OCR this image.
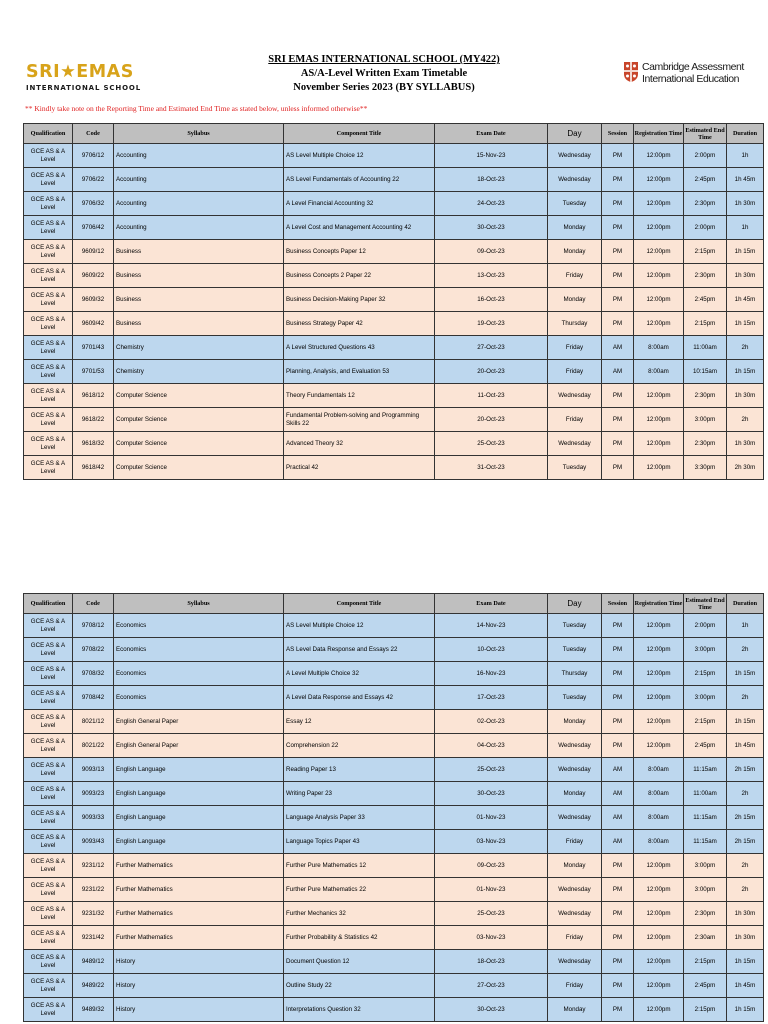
SRI★EMAS
INTERNATIONAL SCHOOL
SRI EMAS INTERNATIONAL SCHOOL (MY422)
AS/A-Level Written Exam Timetable
November Series 2023 (BY SYLLABUS)
Cambridge Assessment
International Education
** Kindly take note on the Reporting Time and Estimated End Time as stated below, unless informed otherwise**
Qualification	Code	Syllabus	Component Title	Exam Date	Day	Session	Registration Time	Estimated End Time	Duration
GCE AS & A Level	9706/12	Accounting	AS Level Multiple Choice 12	15-Nov-23	Wednesday	PM	12:00pm	2:00pm	1h
GCE AS & A Level	9706/22	Accounting	AS Level Fundamentals of Accounting 22	18-Oct-23	Wednesday	PM	12:00pm	2:45pm	1h 45m
GCE AS & A Level	9706/32	Accounting	A Level Financial Accounting 32	24-Oct-23	Tuesday	PM	12:00pm	2:30pm	1h 30m
GCE AS & A Level	9706/42	Accounting	A Level Cost and Management Accounting 42	30-Oct-23	Monday	PM	12:00pm	2:00pm	1h
GCE AS & A Level	9609/12	Business	Business Concepts Paper 12	09-Oct-23	Monday	PM	12:00pm	2:15pm	1h 15m
GCE AS & A Level	9609/22	Business	Business Concepts 2 Paper 22	13-Oct-23	Friday	PM	12:00pm	2:30pm	1h 30m
GCE AS & A Level	9609/32	Business	Business Decision-Making Paper 32	16-Oct-23	Monday	PM	12:00pm	2:45pm	1h 45m
GCE AS & A Level	9609/42	Business	Business Strategy Paper 42	19-Oct-23	Thursday	PM	12:00pm	2:15pm	1h 15m
GCE AS & A Level	9701/43	Chemistry	A Level Structured Questions 43	27-Oct-23	Friday	AM	8:00am	11:00am	2h
GCE AS & A Level	9701/53	Chemistry	Planning, Analysis, and Evaluation 53	20-Oct-23	Friday	AM	8:00am	10:15am	1h 15m
GCE AS & A Level	9618/12	Computer Science	Theory Fundamentals 12	11-Oct-23	Wednesday	PM	12:00pm	2:30pm	1h 30m
GCE AS & A Level	9618/22	Computer Science	Fundamental Problem-solving and Programming Skills 22	20-Oct-23	Friday	PM	12:00pm	3:00pm	2h
GCE AS & A Level	9618/32	Computer Science	Advanced Theory 32	25-Oct-23	Wednesday	PM	12:00pm	2:30pm	1h 30m
GCE AS & A Level	9618/42	Computer Science	Practical 42	31-Oct-23	Tuesday	PM	12:00pm	3:30pm	2h 30m
Qualification	Code	Syllabus	Component Title	Exam Date	Day	Session	Registration Time	Estimated End Time	Duration
GCE AS & A Level	9708/12	Economics	AS Level Multiple Choice 12	14-Nov-23	Tuesday	PM	12:00pm	2:00pm	1h
GCE AS & A Level	9708/22	Economics	AS Level Data Response and Essays 22	10-Oct-23	Tuesday	PM	12:00pm	3:00pm	2h
GCE AS & A Level	9708/32	Economics	A Level Multiple Choice 32	16-Nov-23	Thursday	PM	12:00pm	2:15pm	1h 15m
GCE AS & A Level	9708/42	Economics	A Level Data Response and Essays 42	17-Oct-23	Tuesday	PM	12:00pm	3:00pm	2h
GCE AS & A Level	8021/12	English General Paper	Essay 12	02-Oct-23	Monday	PM	12:00pm	2:15pm	1h 15m
GCE AS & A Level	8021/22	English General Paper	Comprehension 22	04-Oct-23	Wednesday	PM	12:00pm	2:45pm	1h 45m
GCE AS & A Level	9093/13	English Language	Reading Paper 13	25-Oct-23	Wednesday	AM	8:00am	11:15am	2h 15m
GCE AS & A Level	9093/23	English Language	Writing Paper 23	30-Oct-23	Monday	AM	8:00am	11:00am	2h
GCE AS & A Level	9093/33	English Language	Language Analysis Paper 33	01-Nov-23	Wednesday	AM	8:00am	11:15am	2h 15m
GCE AS & A Level	9093/43	English Language	Language Topics Paper 43	03-Nov-23	Friday	AM	8:00am	11:15am	2h 15m
GCE AS & A Level	9231/12	Further Mathematics	Further Pure Mathematics 12	09-Oct-23	Monday	PM	12:00pm	3:00pm	2h
GCE AS & A Level	9231/22	Further Mathematics	Further Pure Mathematics 22	01-Nov-23	Wednesday	PM	12:00pm	3:00pm	2h
GCE AS & A Level	9231/32	Further Mathematics	Further Mechanics 32	25-Oct-23	Wednesday	PM	12:00pm	2:30pm	1h 30m
GCE AS & A Level	9231/42	Further Mathematics	Further Probability & Statistics 42	03-Nov-23	Friday	PM	12:00pm	2:30am	1h 30m
GCE AS & A Level	9489/12	History	Document Question 12	18-Oct-23	Wednesday	PM	12:00pm	2:15pm	1h 15m
GCE AS & A Level	9489/22	History	Outline Study 22	27-Oct-23	Friday	PM	12:00pm	2:45pm	1h 45m
GCE AS & A Level	9489/32	History	Interpretations Question 32	30-Oct-23	Monday	PM	12:00pm	2:15pm	1h 15m
